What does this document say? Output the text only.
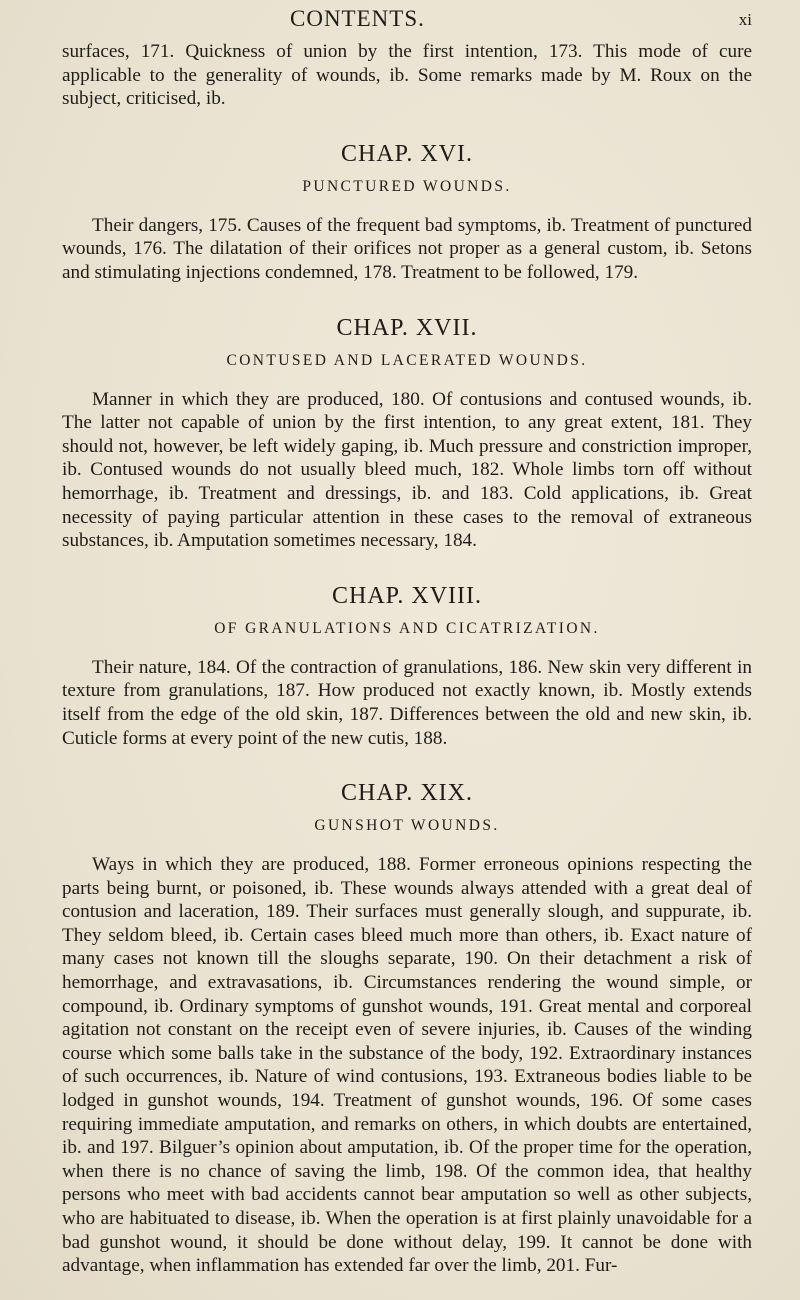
CONTENTS.	xi

surfaces, 171. Quickness of union by the first intention, 173. This mode of cure applicable to the generality of wounds, ib. Some remarks made by M. Roux on the subject, criticised, ib.

CHAP. XVI.
PUNCTURED WOUNDS.

Their dangers, 175. Causes of the frequent bad symptoms, ib. Treatment of punctured wounds, 176. The dilatation of their orifices not proper as a general custom, ib. Setons and stimulating injections condemned, 178. Treatment to be followed, 179.

CHAP. XVII.
CONTUSED AND LACERATED WOUNDS.

Manner in which they are produced, 180. Of contusions and contused wounds, ib. The latter not capable of union by the first intention, to any great extent, 181. They should not, however, be left widely gaping, ib. Much pressure and constriction improper, ib. Contused wounds do not usually bleed much, 182. Whole limbs torn off without hemorrhage, ib. Treatment and dressings, ib. and 183. Cold applications, ib. Great necessity of paying particular attention in these cases to the removal of extraneous substances, ib. Amputation sometimes necessary, 184.

CHAP. XVIII.
OF GRANULATIONS AND CICATRIZATION.

Their nature, 184. Of the contraction of granulations, 186. New skin very different in texture from granulations, 187. How produced not exactly known, ib. Mostly extends itself from the edge of the old skin, 187. Differences between the old and new skin, ib. Cuticle forms at every point of the new cutis, 188.

CHAP. XIX.
GUNSHOT WOUNDS.

Ways in which they are produced, 188. Former erroneous opinions respecting the parts being burnt, or poisoned, ib. These wounds always attended with a great deal of contusion and laceration, 189. Their surfaces must generally slough, and suppurate, ib. They seldom bleed, ib. Certain cases bleed much more than others, ib. Exact nature of many cases not known till the sloughs separate, 190. On their detachment a risk of hemorrhage, and extravasations, ib. Circumstances rendering the wound simple, or compound, ib. Ordinary symptoms of gunshot wounds, 191. Great mental and corporeal agitation not constant on the receipt even of severe injuries, ib. Causes of the winding course which some balls take in the substance of the body, 192. Extraordinary instances of such occurrences, ib. Nature of wind contusions, 193. Extraneous bodies liable to be lodged in gunshot wounds, 194. Treatment of gunshot wounds, 196. Of some cases requiring immediate amputation, and remarks on others, in which doubts are entertained, ib. and 197. Bilguer’s opinion about amputation, ib. Of the proper time for the operation, when there is no chance of saving the limb, 198. Of the common idea, that healthy persons who meet with bad accidents cannot bear amputation so well as other subjects, who are habituated to disease, ib. When the operation is at first plainly unavoidable for a bad gunshot wound, it should be done without delay, 199. It cannot be done with advantage, when inflammation has extended far over the limb, 201. Fur-
